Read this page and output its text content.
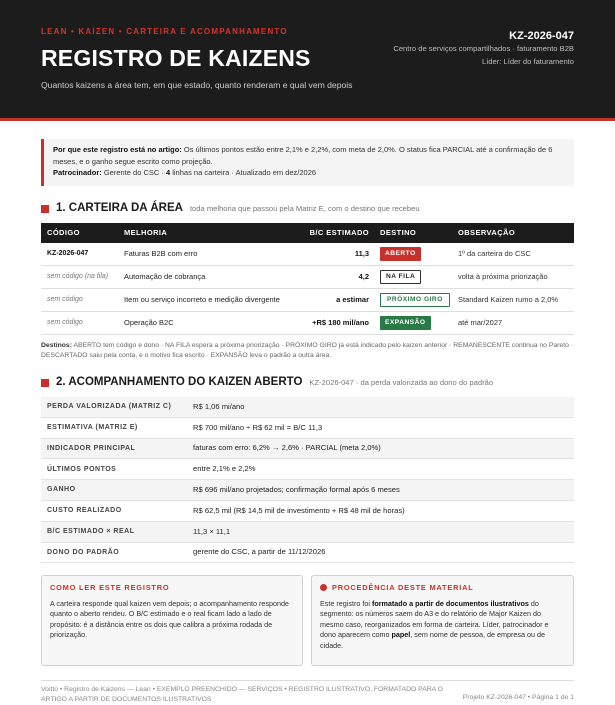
LEAN • KAIZEN • CARTEIRA E ACOMPANHAMENTO
REGISTRO DE KAIZENS
Quantos kaizens a área tem, em que estado, quanto renderam e qual vem depois
KZ-2026-047
Centro de serviços compartilhados · faturamento B2B
Líder: Líder do faturamento
Por que este registro está no artigo: Os últimos pontos estão entre 2,1% e 2,2%, com meta de 2,0%. O status fica PARCIAL até a confirmação de 6 meses, e o ganho segue escrito como projeção.
Patrocinador: Gerente do CSC · 4 linhas na carteira · Atualizado em dez/2026
1. CARTEIRA DA ÁREA toda melhoria que passou pela Matriz E, com o destino que recebeu
CÓDIGO	MELHORIA	B/C ESTIMADO	DESTINO	OBSERVAÇÃO
KZ-2026-047	Faturas B2B com erro	11,3	ABERTO	1º da carteira do CSC
sem código (na fila)	Automação de cobrança	4,2	NA FILA	volta à próxima priorização
sem código	Item ou serviço incorreto e medição divergente	a estimar	PRÓXIMO GIRO	Standard Kaizen rumo a 2,0%
sem código	Operação B2C	+R$ 180 mil/ano	EXPANSÃO	até mar/2027
Destinos: ABERTO tem código e dono · NA FILA espera a próxima priorização · PRÓXIMO GIRO já está indicado pelo kaizen anterior · REMANESCENTE continua no Pareto · DESCARTADO saiu pela conta, e o motivo fica escrito · EXPANSÃO leva o padrão a outra área.
2. ACOMPANHAMENTO DO KAIZEN ABERTO KZ-2026-047 · da perda valorizada ao dono do padrão
PERDA VALORIZADA (MATRIZ C)	R$ 1,06 mi/ano
ESTIMATIVA (MATRIZ E)	R$ 700 mil/ano ÷ R$ 62 mil = B/C 11,3
INDICADOR PRINCIPAL	faturas com erro: 6,2% → 2,6% · PARCIAL (meta 2,0%)
ÚLTIMOS PONTOS	entre 2,1% e 2,2%
GANHO	R$ 696 mil/ano projetados; confirmação formal após 6 meses
CUSTO REALIZADO	R$ 62,5 mil (R$ 14,5 mil de investimento + R$ 48 mil de horas)
B/C ESTIMADO × REAL	11,3 × 11,1
DONO DO PADRÃO	gerente do CSC, a partir de 11/12/2026
COMO LER ESTE REGISTRO
A carteira responde qual kaizen vem depois; o acompanhamento responde quanto o aberto rendeu. O B/C estimado e o real ficam lado a lado de propósito: é a distância entre os dois que calibra a próxima rodada de priorização.
PROCEDÊNCIA DESTE MATERIAL
Este registro foi formatado a partir de documentos ilustrativos do segmento: os números saem do A3 e do relatório de Major Kaizen do mesmo caso, reorganizados em forma de carteira. Líder, patrocinador e dono aparecem como papel, sem nome de pessoa, de empresa ou de cidade.
Voitto • Registro de Kaizens — Lean • EXEMPLO PREENCHIDO — SERVIÇOS • REGISTRO ILUSTRATIVO, FORMATADO PARA O ARTIGO A PARTIR DE DOCUMENTOS ILUSTRATIVOS	Projeto KZ-2026-047 • Página 1 de 1
